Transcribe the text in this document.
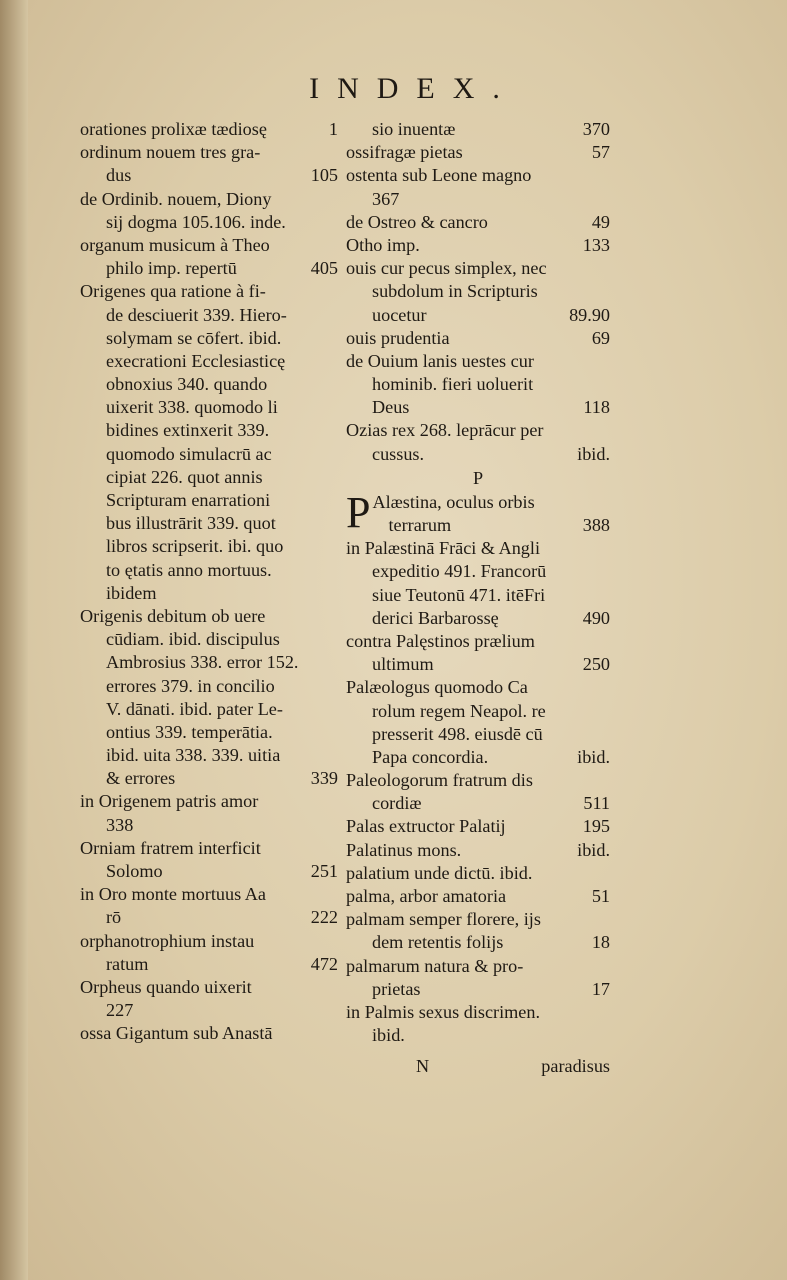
INDEX.
orationes prolixæ tædiosę	1
ordinum nouem tres gra-
dus	105
de Ordinib. nouem, Diony
sij dogma 105.106. inde.
organum musicum à Theo
philo imp. repertū	405
Origenes qua ratione à fi-
de desciuerit 339. Hiero-
solymam se cōfert. ibid.
execrationi Ecclesiasticę
obnoxius 340. quando
uixerit 338. quomodo li
bidines extinxerit 339.
quomodo simulacrū ac
cipiat 226. quot annis
Scripturam enarrationi
bus illustrārit 339. quot
libros scripserit. ibi. quo
to ętatis anno mortuus.
ibidem
Origenis debitum ob uere
cūdiam. ibid. discipulus
Ambrosius 338. error 152.
errores 379. in concilio
V. dānati. ibid. pater Le-
ontius 339. temperātia.
ibid. uita 338. 339. uitia
& errores	339
in Origenem patris amor
338
Orniam fratrem interficit
Solomo	251
in Oro monte mortuus Aa
rō	222
orphanotrophium instau
ratum	472
Orpheus quando uixerit
227
ossa Gigantum sub Anastā
sio inuentæ	370
ossifragæ pietas	57
ostenta sub Leone magno
367
de Ostreo & cancro	49
Otho imp.	133
ouis cur pecus simplex, nec
subdolum in Scripturis
uocetur	89.90
ouis prudentia	69
de Ouium lanis uestes cur
hominib. fieri uoluerit
Deus	118
Ozias rex 268. leprācur per
cussus.	ibid.
P
P Alæstina, oculus orbis
terrarum	388
in Palæstinā Frāci & Angli
expeditio 491. Francorū
siue Teutonū 471. itēFri
derici Barbarossę	490
contra Palęstinos prælium
ultimum	250
Palæologus quomodo Ca
rolum regem Neapol. re
presserit 498. eiusdē cū
Papa concordia.	ibid.
Paleologorum fratrum dis
cordiæ	511
Palas extructor Palatij	195
Palatinus mons.	ibid.
palatium unde dictū. ibid.
palma, arbor amatoria	51
palmam semper florere, ijs
dem retentis folijs	18
palmarum natura & pro-
prietas	17
in Palmis sexus discrimen.
ibid.
N	paradisus
